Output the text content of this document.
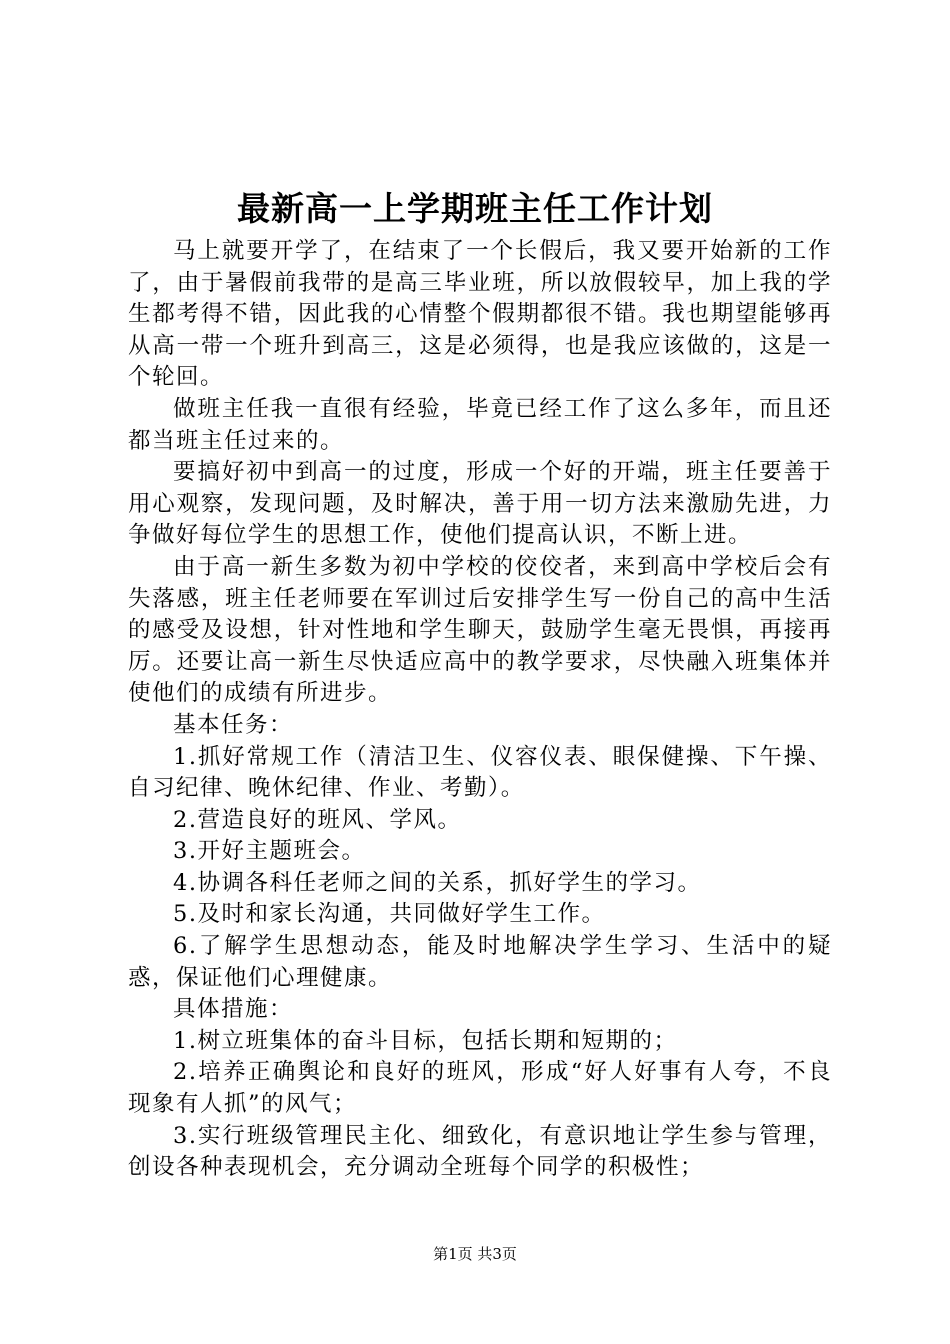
最新高一上学期班主任工作计划

马上就要开学了，在结束了一个长假后，我又要开始新的工作了，由于暑假前我带的是高三毕业班，所以放假较早，加上我的学生都考得不错，因此我的心情整个假期都很不错。我也期望能够再从高一带一个班升到高三，这是必须得，也是我应该做的，这是一个轮回。

做班主任我一直很有经验，毕竟已经工作了这么多年，而且还都当班主任过来的。

要搞好初中到高一的过度，形成一个好的开端，班主任要善于用心观察，发现问题，及时解决，善于用一切方法来激励先进，力争做好每位学生的思想工作，使他们提高认识，不断上进。

由于高一新生多数为初中学校的佼佼者，来到高中学校后会有失落感，班主任老师要在军训过后安排学生写一份自己的高中生活的感受及设想，针对性地和学生聊天，鼓励学生毫无畏惧，再接再厉。还要让高一新生尽快适应高中的教学要求，尽快融入班集体并使他们的成绩有所进步。

基本任务：

1.抓好常规工作（清洁卫生、仪容仪表、眼保健操、下午操、自习纪律、晚休纪律、作业、考勤）。

2.营造良好的班风、学风。

3.开好主题班会。

4.协调各科任老师之间的关系，抓好学生的学习。

5.及时和家长沟通，共同做好学生工作。

6.了解学生思想动态，能及时地解决学生学习、生活中的疑惑，保证他们心理健康。

具体措施：

1.树立班集体的奋斗目标，包括长期和短期的；

2.培养正确舆论和良好的班风，形成“好人好事有人夸，不良现象有人抓”的风气；

3.实行班级管理民主化、细致化，有意识地让学生参与管理，创设各种表现机会，充分调动全班每个同学的积极性；

第1页 共3页
